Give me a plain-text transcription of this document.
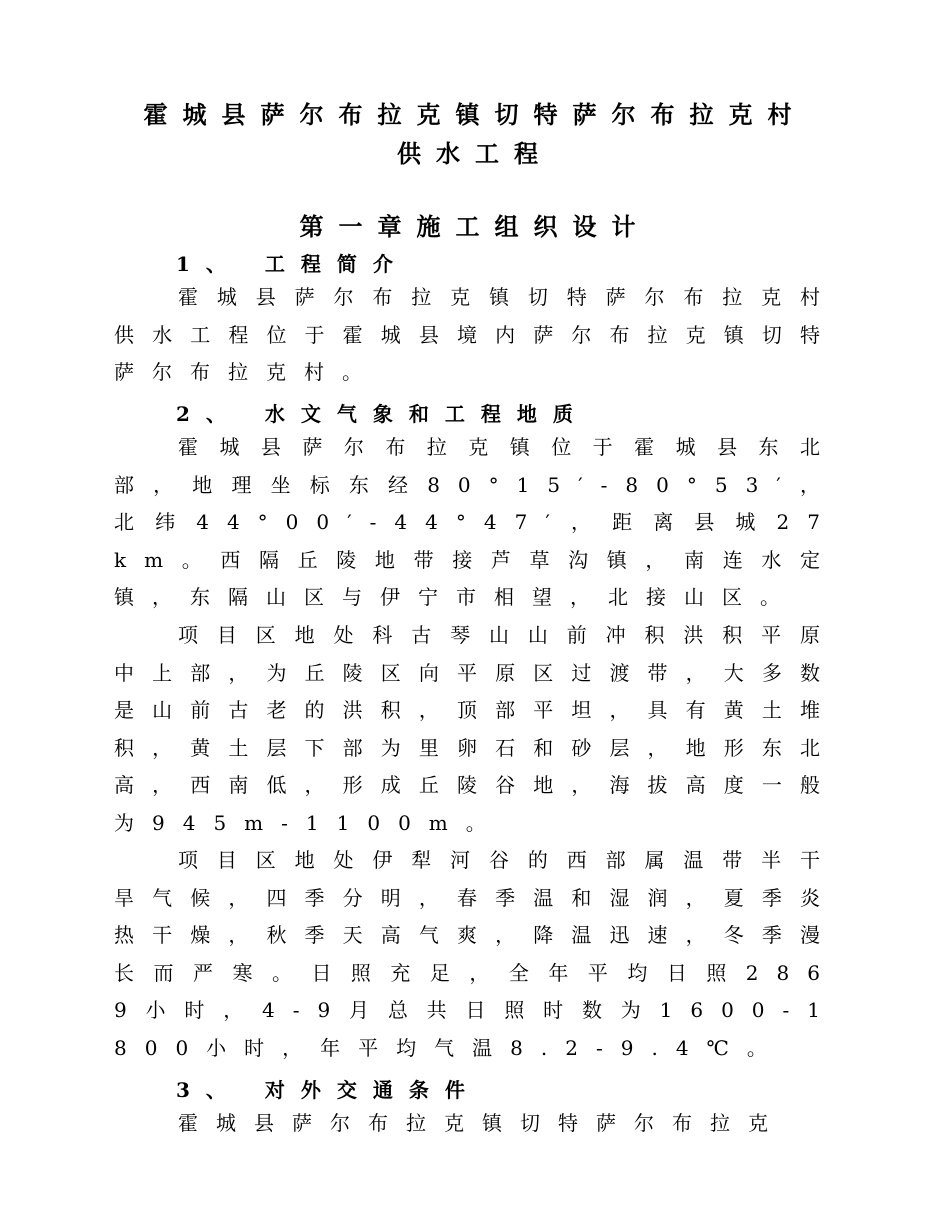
霍城县萨尔布拉克镇切特萨尔布拉克村
供水工程
第一章施工组织设计
1、 工程简介
霍城县萨尔布拉克镇切特萨尔布拉克村供水工程位于霍城县境内萨尔布拉克镇切特萨尔布拉克村。
2、 水文气象和工程地质
霍城县萨尔布拉克镇位于霍城县东北部，地理坐标东经80°15′-80°53′，北纬44°00′-44°47′，距离县城27km。西隔丘陵地带接芦草沟镇，南连水定镇，东隔山区与伊宁市相望，北接山区。
项目区地处科古琴山山前冲积洪积平原中上部，为丘陵区向平原区过渡带，大多数是山前古老的洪积，顶部平坦，具有黄土堆积，黄土层下部为里卵石和砂层，地形东北高，西南低，形成丘陵谷地，海拔高度一般为945m-1100m。
项目区地处伊犁河谷的西部属温带半干旱气候，四季分明，春季温和湿润，夏季炎热干燥，秋季天高气爽，降温迅速，冬季漫长而严寒。日照充足，全年平均日照2869小时，4-9月总共日照时数为1600-1800小时，年平均气温8.2-9.4℃。
3、 对外交通条件
霍城县萨尔布拉克镇切特萨尔布拉克
